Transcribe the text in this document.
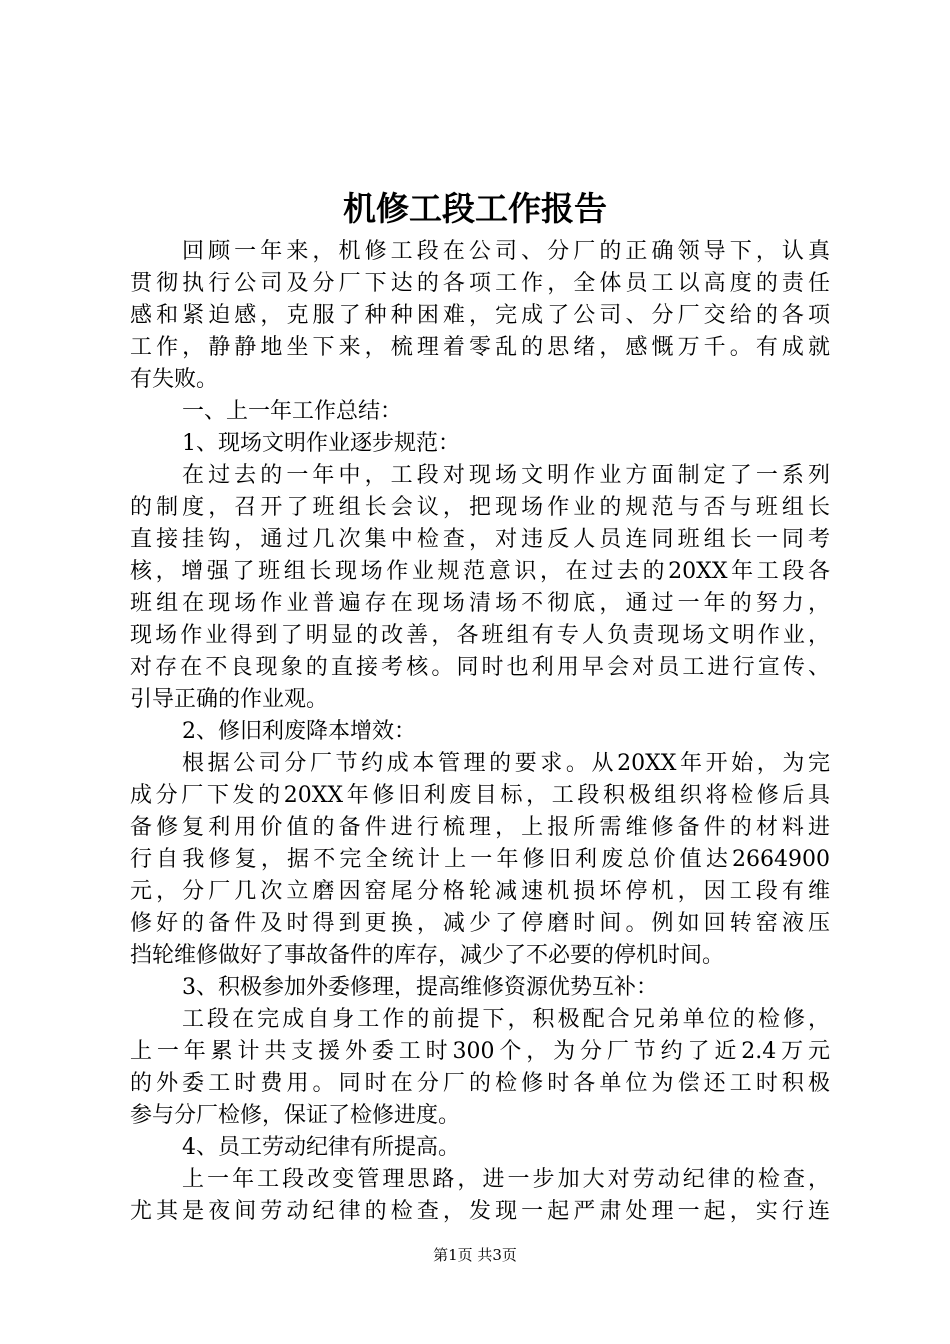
机修工段工作报告
回顾一年来，机修工段在公司、分厂的正确领导下，认真
贯彻执行公司及分厂下达的各项工作，全体员工以高度的责任
感和紧迫感，克服了种种困难，完成了公司、分厂交给的各项
工作，静静地坐下来，梳理着零乱的思绪，感慨万千。有成就
有失败。
一、上一年工作总结：
1、现场文明作业逐步规范：
在过去的一年中，工段对现场文明作业方面制定了一系列
的制度，召开了班组长会议，把现场作业的规范与否与班组长
直接挂钩，通过几次集中检查，对违反人员连同班组长一同考
核，增强了班组长现场作业规范意识，在过去的20XX年工段各
班组在现场作业普遍存在现场清场不彻底，通过一年的努力，
现场作业得到了明显的改善，各班组有专人负责现场文明作业，
对存在不良现象的直接考核。同时也利用早会对员工进行宣传、
引导正确的作业观。
2、修旧利废降本增效：
根据公司分厂节约成本管理的要求。从20XX年开始，为完
成分厂下发的20XX年修旧利废目标，工段积极组织将检修后具
备修复利用价值的备件进行梳理，上报所需维修备件的材料进
行自我修复，据不完全统计上一年修旧利废总价值达2664900
元，分厂几次立磨因窑尾分格轮减速机损坏停机，因工段有维
修好的备件及时得到更换，减少了停磨时间。例如回转窑液压
挡轮维修做好了事故备件的库存，减少了不必要的停机时间。
3、积极参加外委修理，提高维修资源优势互补：
工段在完成自身工作的前提下，积极配合兄弟单位的检修，
上一年累计共支援外委工时300个，为分厂节约了近2.4万元
的外委工时费用。同时在分厂的检修时各单位为偿还工时积极
参与分厂检修，保证了检修进度。
4、员工劳动纪律有所提高。
上一年工段改变管理思路，进一步加大对劳动纪律的检查，
尤其是夜间劳动纪律的检查，发现一起严肃处理一起，实行连
第1页 共3页
